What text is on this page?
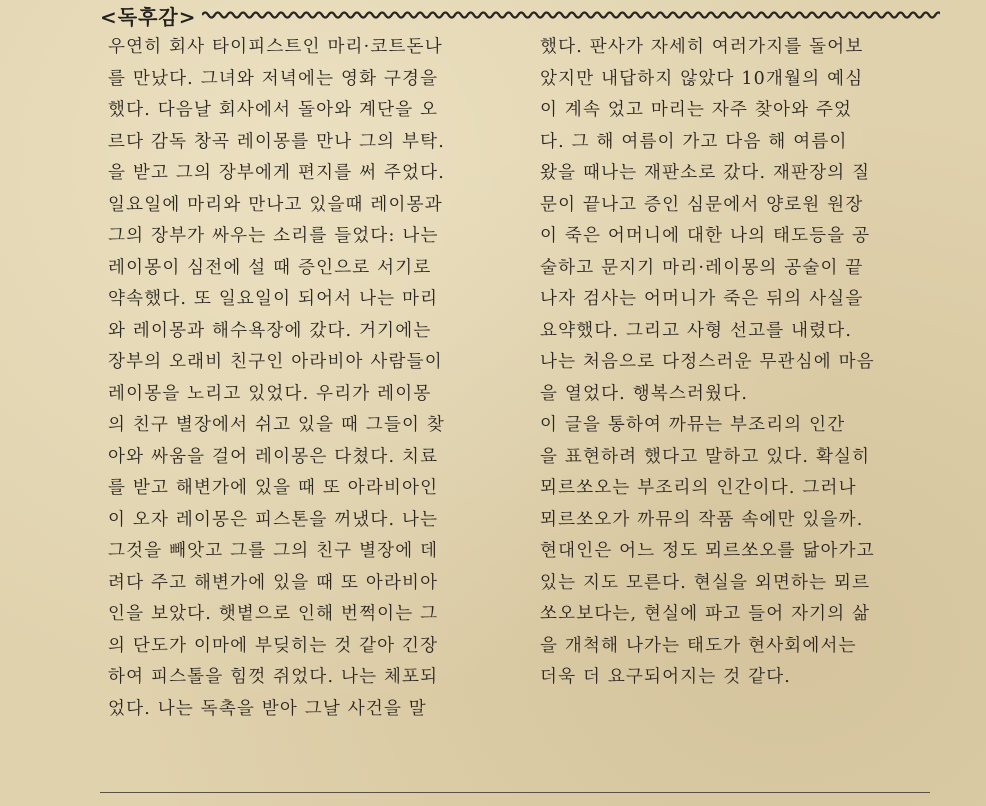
<독후감>
우연히 회사 타이피스트인 마리·코트돈나
를 만났다. 그녀와 저녁에는 영화 구경을
했다. 다음날 회사에서 돌아와 계단을 오
르다 감독 창곡 레이몽를 만나 그의 부탁.
을 받고 그의 장부에게 편지를 써 주었다.
일요일에 마리와 만나고 있을때 레이몽과
그의 장부가 싸우는 소리를 들었다: 나는
레이몽이 심전에 설 때 증인으로 서기로
약속했다. 또 일요일이 되어서 나는 마리
와 레이몽과 해수욕장에 갔다. 거기에는
장부의 오래비 친구인 아라비아 사람들이
레이몽을 노리고 있었다. 우리가 레이몽
의 친구 별장에서 쉬고 있을 때 그들이 찾
아와 싸움을 걸어 레이몽은 다쳤다. 치료
를 받고 해변가에 있을 때 또 아라비아인
이 오자 레이몽은 피스톤을 꺼냈다. 나는
그것을 빼앗고 그를 그의 친구 별장에 데
려다 주고 해변가에 있을 때 또 아라비아
인을 보았다. 햇볕으로 인해 번쩍이는 그
의 단도가 이마에 부딪히는 것 같아 긴장
하여 피스톨을 힘껏 쥐었다. 나는 체포되
었다. 나는 독촉을 받아 그날 사건을 말
했다. 판사가 자세히 여러가지를 돌어보
았지만 내답하지 않았다 10개월의 예심
이 계속 었고 마리는 자주 찾아와 주었
다. 그 해 여름이 가고 다음 해 여름이
왔을 때나는 재판소로 갔다. 재판장의 질
문이 끝나고 증인 심문에서 양로원 원장
이 죽은 어머니에 대한 나의 태도등을 공
술하고 문지기 마리·레이몽의 공술이 끝
나자 검사는 어머니가 죽은 뒤의 사실을
요약했다. 그리고 사형 선고를 내렸다.
나는 처음으로 다정스러운 무관심에 마음
을 열었다. 행복스러웠다.
이 글을 통하여 까뮤는 부조리의 인간
을 표현하려 했다고 말하고 있다. 확실히
뫼르쏘오는 부조리의 인간이다. 그러나
뫼르쏘오가 까뮤의 작품 속에만 있을까.
현대인은 어느 정도 뫼르쏘오를 닮아가고
있는 지도 모른다. 현실을 외면하는 뫼르
쏘오보다는, 현실에 파고 들어 자기의 삶
을 개척해 나가는 태도가 현사회에서는
더욱 더 요구되어지는 것 같다.
